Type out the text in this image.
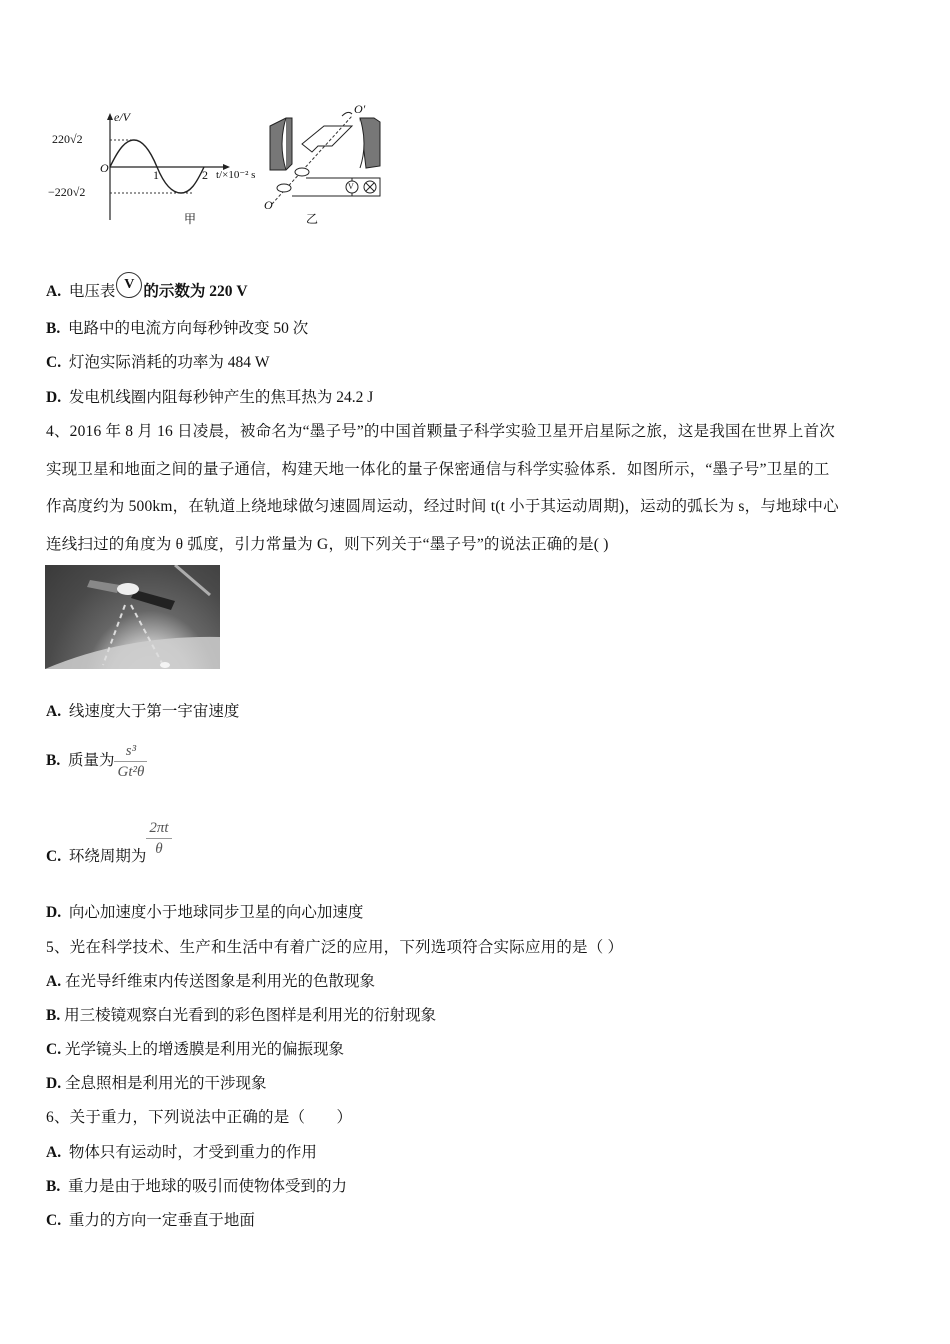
e/V
220√2
−220√2
O	1	2 t/×10⁻² s
甲
O′
O
V
乙
A. 电压表 V 的示数为 220 V
B. 电路中的电流方向每秒钟改变 50 次
C. 灯泡实际消耗的功率为 484 W
D. 发电机线圈内阻每秒钟产生的焦耳热为 24.2 J
4、2016 年 8 月 16 日凌晨，被命名为“墨子号”的中国首颗量子科学实验卫星开启星际之旅，这是我国在世界上首次
实现卫星和地面之间的量子通信，构建天地一体化的量子保密通信与科学实验体系．如图所示，“墨子号”卫星的工
作高度约为 500km，在轨道上绕地球做匀速圆周运动，经过时间 t(t 小于其运动周期)，运动的弧长为 s，与地球中心
连线扫过的角度为 θ 弧度，引力常量为 G，则下列关于“墨子号”的说法正确的是( )
A. 线速度大于第一宇宙速度
B. 质量为 $\frac{\text{s³}}{\text{Gt²θ}}$
C. 环绕周期为 $\frac{2\pi t}{\theta}$
D. 向心加速度小于地球同步卫星的向心加速度
5、光在科学技术、生产和生活中有着广泛的应用，下列选项符合实际应用的是（ ）
A. 在光导纤维束内传送图象是利用光的色散现象
B. 用三棱镜观察白光看到的彩色图样是利用光的衍射现象
C. 光学镜头上的增透膜是利用光的偏振现象
D. 全息照相是利用光的干涉现象
6、关于重力，下列说法中正确的是（　　）
A. 物体只有运动时，才受到重力的作用
B. 重力是由于地球的吸引而使物体受到的力
C. 重力的方向一定垂直于地面
